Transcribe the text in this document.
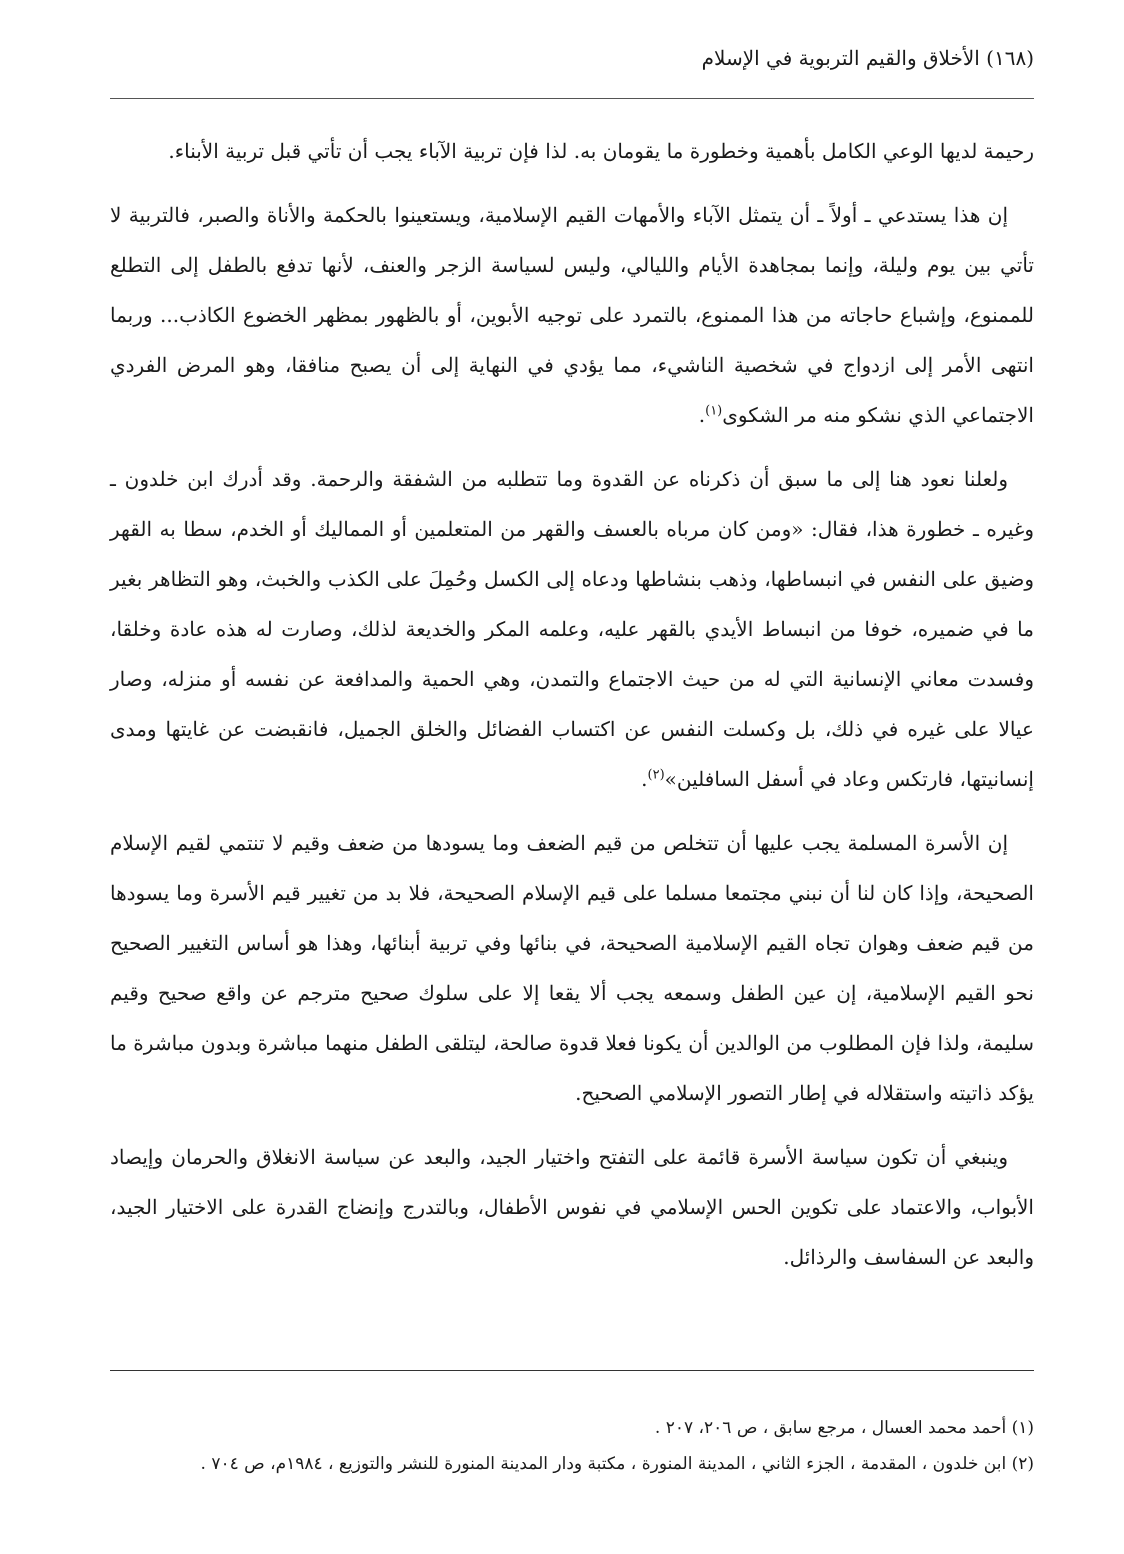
(١٦٨) الأخلاق والقيم التربوية في الإسلام

رحيمة لديها الوعي الكامل بأهمية وخطورة ما يقومان به. لذا فإن تربية الآباء يجب أن تأتي قبل تربية الأبناء.

إن هذا يستدعي ـ أولاً ـ أن يتمثل الآباء والأمهات القيم الإسلامية، ويستعينوا بالحكمة والأناة والصبر، فالتربية لا تأتي بين يوم وليلة، وإنما بمجاهدة الأيام والليالي، وليس لسياسة الزجر والعنف، لأنها تدفع بالطفل إلى التطلع للممنوع، وإشباع حاجاته من هذا الممنوع، بالتمرد على توجيه الأبوين، أو بالظهور بمظهر الخضوع الكاذب... وربما انتهى الأمر إلى ازدواج في شخصية الناشيء، مما يؤدي في النهاية إلى أن يصبح منافقا، وهو المرض الفردي الاجتماعي الذي نشكو منه مر الشكوى$^{(١)}$.

ولعلنا نعود هنا إلى ما سبق أن ذكرناه عن القدوة وما تتطلبه من الشفقة والرحمة. وقد أدرك ابن خلدون ـ وغيره ـ خطورة هذا، فقال: «ومن كان مرباه بالعسف والقهر من المتعلمين أو المماليك أو الخدم، سطا به القهر وضيق على النفس في انبساطها، وذهب بنشاطها ودعاه إلى الكسل وحُمِلَ على الكذب والخبث، وهو التظاهر بغير ما في ضميره، خوفا من انبساط الأيدي بالقهر عليه، وعلمه المكر والخديعة لذلك، وصارت له هذه عادة وخلقا، وفسدت معاني الإنسانية التي له من حيث الاجتماع والتمدن، وهي الحمية والمدافعة عن نفسه أو منزله، وصار عيالا على غيره في ذلك، بل وكسلت النفس عن اكتساب الفضائل والخلق الجميل، فانقبضت عن غايتها ومدى إنسانيتها، فارتكس وعاد في أسفل السافلين»$^{(٢)}$.

إن الأسرة المسلمة يجب عليها أن تتخلص من قيم الضعف وما يسودها من ضعف وقيم لا تنتمي لقيم الإسلام الصحيحة، وإذا كان لنا أن نبني مجتمعا مسلما على قيم الإسلام الصحيحة، فلا بد من تغيير قيم الأسرة وما يسودها من قيم ضعف وهوان تجاه القيم الإسلامية الصحيحة، في بنائها وفي تربية أبنائها، وهذا هو أساس التغيير الصحيح نحو القيم الإسلامية، إن عين الطفل وسمعه يجب ألا يقعا إلا على سلوك صحيح مترجم عن واقع صحيح وقيم سليمة، ولذا فإن المطلوب من الوالدين أن يكونا فعلا قدوة صالحة، ليتلقى الطفل منهما مباشرة وبدون مباشرة ما يؤكد ذاتيته واستقلاله في إطار التصور الإسلامي الصحيح.

وينبغي أن تكون سياسة الأسرة قائمة على التفتح واختيار الجيد، والبعد عن سياسة الانغلاق والحرمان وإيصاد الأبواب، والاعتماد على تكوين الحس الإسلامي في نفوس الأطفال، وبالتدرج وإنضاج القدرة على الاختيار الجيد، والبعد عن السفاسف والرذائل.

(١) أحمد محمد العسال ، مرجع سابق ، ص ٢٠٦، ٢٠٧ .
(٢) ابن خلدون ، المقدمة ، الجزء الثاني ، المدينة المنورة ، مكتبة ودار المدينة المنورة للنشر والتوزيع ، ١٩٨٤م، ص ٧٠٤ .
